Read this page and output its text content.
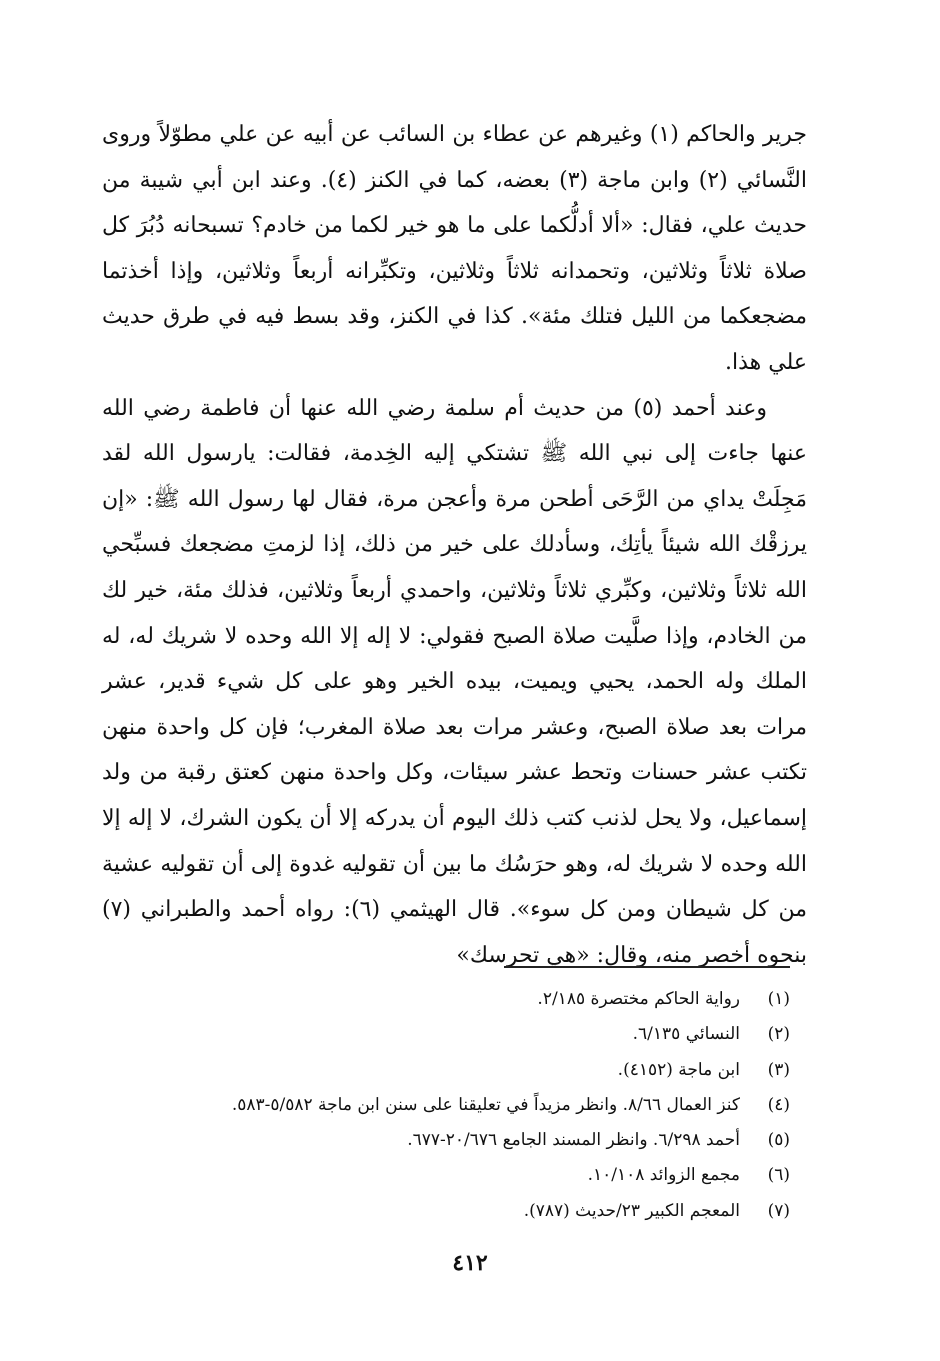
جرير والحاكم (١) وغيرهم عن عطاء بن السائب عن أبيه عن علي مطوّلاً وروى النَّسائي (٢) وابن ماجة (٣) بعضه، كما في الكنز (٤). وعند ابن أبي شيبة من حديث علي، فقال: «ألا أدلُّكما على ما هو خير لكما من خادم؟ تسبحانه دُبُرَ كل صلاة ثلاثاً وثلاثين، وتحمدانه ثلاثاً وثلاثين، وتكبِّرانه أربعاً وثلاثين، وإذا أخذتما مضجعكما من الليل فتلك مئة». كذا في الكنز، وقد بسط فيه في طرق حديث علي هذا.

وعند أحمد (٥) من حديث أم سلمة رضي الله عنها أن فاطمة رضي الله عنها جاءت إلى نبي الله ﷺ تشتكي إليه الخِدمة، فقالت: يارسول الله لقد مَجِلَتْ يداي من الرَّحَى أطحن مرة وأعجن مرة، فقال لها رسول الله ﷺ: «إن يرزقْك الله شيئاً يأتِك، وسأدلك على خير من ذلك، إذا لزمتِ مضجعك فسبِّحي الله ثلاثاً وثلاثين، وكبِّري ثلاثاً وثلاثين، واحمدي أربعاً وثلاثين، فذلك مئة، خير لك من الخادم، وإذا صلَّيت صلاة الصبح فقولي: لا إله إلا الله وحده لا شريك له، له الملك وله الحمد، يحيي ويميت، بيده الخير وهو على كل شيء قدير، عشر مرات بعد صلاة الصبح، وعشر مرات بعد صلاة المغرب؛ فإن كل واحدة منهن تكتب عشر حسنات وتحط عشر سيئات، وكل واحدة منهن كعتق رقبة من ولد إسماعيل، ولا يحل لذنب كتب ذلك اليوم أن يدركه إلا أن يكون الشرك، لا إله إلا الله وحده لا شريك له، وهو حرَسُك ما بين أن تقوليه غدوة إلى أن تقوليه عشية من كل شيطان ومن كل سوء». قال الهيثمي (٦): رواه أحمد والطبراني (٧) بنحوه أخصر منه، وقال: «هي تحرسك»

(١)
رواية الحاكم مختصرة ٢/١٨٥.
(٢)
النسائي ٦/١٣٥.
(٣)
ابن ماجة (٤١٥٢).
(٤)
كنز العمال ٨/٦٦. وانظر مزيداً في تعليقنا على سنن ابن ماجة ٥/٥٨٢-٥٨٣.
(٥)
أحمد ٦/٢٩٨. وانظر المسند الجامع ٢٠/٦٧٦-٦٧٧.
(٦)
مجمع الزوائد ١٠/١٠٨.
(٧)
المعجم الكبير ٢٣/حديث (٧٨٧).
٤١٢
